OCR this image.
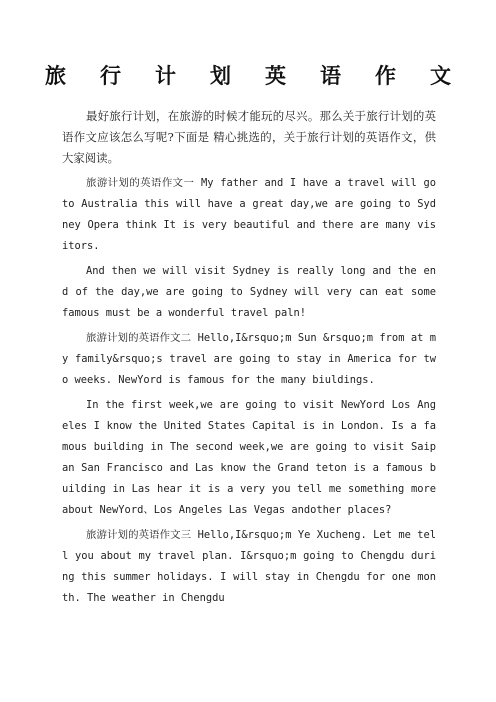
旅 行 计 划 英 语 作 文

最好旅行计划，在旅游的时候才能玩的尽兴。那么关于旅行计划的英语作文应该怎么写呢?下面是 精心挑选的，关于旅行计划的英语作文，供大家阅读。

旅游计划的英语作文一 My father and I have a travel will go to Australia this will have a great day,we are going to Sydney Opera think It is very beautiful and there are many visitors.

And then we will visit Sydney is really long and the end of the day,we are going to Sydney will very can eat some famous must be a wonderful travel paln!

旅游计划的英语作文二 Hello,I&rsquo;m Sun &rsquo;m from at my family&rsquo;s travel are going to stay in America for two weeks. NewYord is famous for the many biuldings.

In the first week,we are going to visit NewYord Los Angeles I know the United States Capital is in London. Is a famous building in The second week,we are going to visit Saipan San Francisco and Las know the Grand teton is a famous building in Las hear it is a very you tell me something more about NewYord、Los Angeles Las Vegas andother places?

旅游计划的英语作文三 Hello,I&rsquo;m Ye Xucheng. Let me tell you about my travel plan. I&rsquo;m going to Chengdu during this summer holidays. I will stay in Chengdu for one month. The weather in Chengdu
